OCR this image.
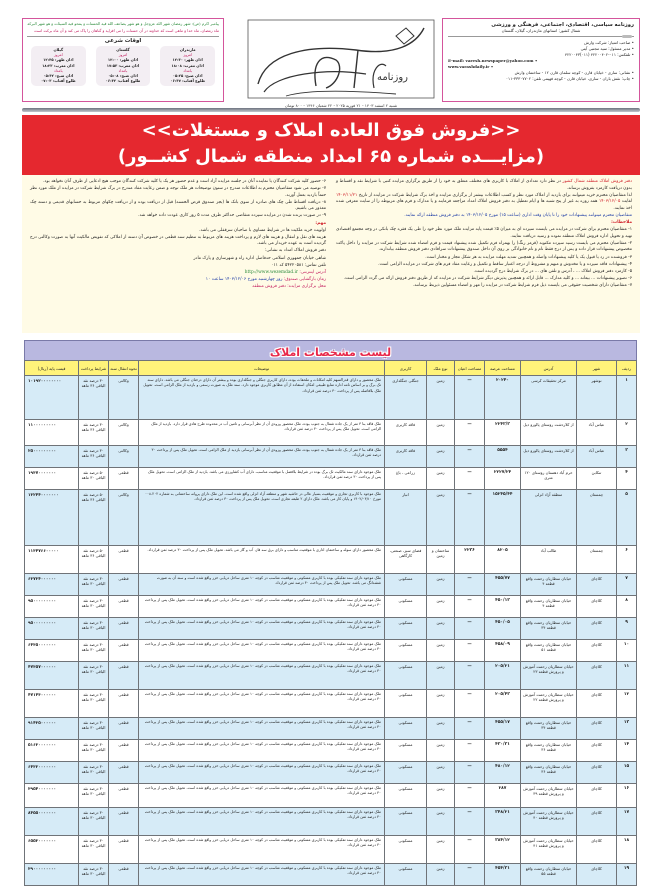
روزنامه سیاسی، اقتصادی، اجتماعی، فرهنگی و ورزشی
شمال کشور: استانهای مازندران، گیلان، گلستان
• صاحب امتیاز: شرکت وارش
• مدیر مسئول: سید مجتبی آیتی
• تلفکس: ۰۱۱-۴۲۲۰۰۴۰۲ (۰۱۱)۴۲۲۰۰۴۳
E-mail: varesh.newspaper@yahoo.com •
www.varashdaily.ir •
• نشانی: ساری - خیابان قارن - کوچه سلمان قارن ۱۲ - ساختمان وارش
• چاپ: نقش باران - ساری، خیابان قارن - کوچه فهیمی تلفن: ۳۳۳۰۷۷۰۲-۰۱۱
روزنامه
شنبه ۲ اسفند ۱۴۰۳ - ۲۱ فوریه ۲۰۲۵ - ۲۲ شعبان ۱۴۴۶ - ۸۰۰ تومان
پیامبر اکرم (ص): شهر رمضان شهر الله عزوجل و هو شهر یضاعف الله فیه الحسنات و یمحو فیه السیئات و هو شهر البرکه
ماه رمضان، ماه خدا و ماهی است که خداوند در آن حسنات را می افزاید و گناهان را پاک می کند و آن ماه برکت است
اوقات شرعی
مازندران
امروز
اذان ظهر: ۱۲:۳۰
اذان مغرب: ۱۸:۰۸
بامداد
اذان صبح: ۰۵:۲۵
طلوع آفتاب: ۰۶:۴۷
گلستان
امروز
اذان ظهر: ۱۲:۰۰
اذان مغرب: ۱۷:۵۳
بامداد
اذان صبح: ۰۵:۰۸
طلوع آفتاب: ۰۶:۳۲
گیلان
امروز
اذان ظهر: ۱۲:۴۵
اذان مغرب: ۱۸:۲۳
بامداد
اذان صبح: ۰۵:۴۲
طلوع آفتاب: ۰۷:۰۳
<<فروش فوق العاده املاک و مستغلات>>
(مزایـــده شماره ۶۵ امداد منطقه شمال کشــور)

دفتر فروش املاک منطقه شمال کشور در نظر دارد تعدادی از املاک با کاربری های مختلف متعلق به خود را از طریق برگزاری مزایده کتبی با شرایط نقد و اقساط و بدون دریافت کارمزد بفروش برساند.

لذا متقاضیان محترم خرید میتوانند برای بازدید از املاک مورد نظر و کسب اطلاعات بیشتر از برگزاری مزایده و اخذ برگ شرایط شرکت در مزایده از تاریخ ۱۴۰۳/۱۱/۲۱ لغایت ۱۴۰۳/۱۲/۰۵ همه روزه به غیر از پنج شنبه ها و ایام تعطیل به دفتر فروش املاک امداد مراجعه فرمایند و یا مدارک و فرم های مربوطه را از سایت معرفی شده اخذ نمایند.

متقاضیان محترم میتوانند پیشنهادات خود را تا پایان وقت اداری (ساعت ۱۵) مورخ ۱۴۰۳/۱۲/۰۵ به دفتر فروش منطقه ارائه نمایند.

ملاحظات:

۱- متقاضیان محترم برای شرکت در مزایده می بایست سپرده ای به میزان ۵٪ قیمت پایه مزایده ملک مورد نظر خود را طی یک فقره چک بانکی در وجه مجتمع اقتصادی تهیه و تحویل اداره فروش املاک منطقه نموده و رسید دریافت نمایند.

۲- متقاضیان محترم می بایست رسید سپرده مکتوبه (قرمز رنگ) را بهمراه فرم تکمیل شده پیشنهاد قیمت و فرم امضاء شده شرایط شرکت در مزایده را داخل پاکت مخصوص پیشنهادات قرار داده و پس از درج فقط نام و نام خانوادگی بر روی آن داخل صندوق پیشنهادات سرافادی دفتر فروش منطقه بیاندازند.

۳- فروشنده در رد یا قبول یک یا کلیه پیشنهادات واصله و همچنین تمدید مهلت مزایده به هر شکل مجاز و مختار است.

۴- پیشنهادات فاقد سپرده و یا مخدوش و مبهم و مشروط از درجه اعتبار ساقط و تکمیل و رعایت مفاد فرم های شرکت در مزایده الزامی است.

۵- کارمزد دفتر فروش املاک ... ، آدرس و تلفن های ... در برگ شرایط درج گردیده است.

۶- تصویر پیشنهادات ... بیعانه ... و کلیه مدارک ... قابل ارائه و همچنین پذیرش دیگر شرایط شرکت در مزایده که از طریق دفتر فروش ارائه می گردد الزامی است.

۷- متقاضیان دارای شخصیت حقوقی می بایست ذیل فرم شرایط شرکت در مزایده را مهر و امضاء مسئولین ذیربط برسانند.

۶- حضور کلیه شرکت کنندگان یا نماینده آنان در جلسه مزایده آزاد است و عدم حضور هر یک یا کلیه شرکت کنندگان موجب هیچ ادعایی از طرف آنان نخواهد بود.

۷- توصیه می شود متقاضیان محترم به اطلاعات مندرج در ستون توضیحات هر ملک توجه و ضمن رعایت مفاد مندرج در برگ شرایط شرکت در مزایده از ملک مورد نظر حتماً بازدید بعمل آورند.

۸- دریافت اقساط طی چک های صادره از سوی بانک ها (بجز صندوق قرض الحسنه) قبل از دریافت بوده و از دریافت چکهای مربوط به حسابهای قدیمی و دسته چک معذور می باشیم.

۹- در صورت برنده شدن در مزایده سپرده متقاضی حداکثر ظرف مدت ۵ روز کاری عودت داده خواهد شد.

مهم:

اولویت خرید ملکیت ها در شرایط مساوی با صاحبان سرقفلی می باشد.

هزینه های نقل و انتقال و هزینه های لازم و پرداخت هزینه های مربوط به تنظیم سند قطعی در خصوص آن دسته از املاکی که تفویض مالکیت آنها به صورت وکالتی درج گردیده است به عهده خریدار می باشد.

دفتر فروش املاک امداد به نشانی:

شاهی خیابان جمهوری اسلامی حدفاصل اداره راه و شهرسازی و پارک مادر

تلفن تماس: ۵۴۲۲۰۵۸۱ کد ۰۱۱

آدرس اینترنتی: http://www.wezemdad.ir

زمان بازگشایی صندوق: روز چهارشنبه مورخ ۱۴۰۳/۱۲/۰۶ ساعت ۱۰

محل برگزاری مزایده: دفتر فروش منطقه

لیست مشخصات املاک
ردیف	شهر	آدرس	مساحت عرصه	مساحت اعیان	نوع ملک	کاربری	توضیحات	نحوه انتقال سند	شرایط پرداخت	قیمت پایه (ریال)
۱	نوشهر	مرکز تحقیقات کرسی	۲۰۲۴۰	—	زمین	جنگلی جنگلداری	ملک محصور و دارای قدرالسهم کلیه امکانات و ملحقات بوده، دارای کاربری جنگلی و جنگلداری بوده و بیشتر آن دارای درختان جنگلی می باشد. دارای سند تک برگ و بر اساس نامه اداره منابع طبیعی امکان استفاده از آن مطابق کاربری موجود دارد. سند ملک به صورت رسمی و بازدید از ملک الزامی است. تحویل ملک بلافاصله پس از پرداخت ۳۰ درصد ثمن قرارداد.	وکالتی	۳۰ درصد نقد الباقی ۳۶ ماهه	۱۰۱۹۲۰۰۰۰۰۰۰۰
۲	عباس آباد	از کلاردشت روستای پالورو دیل	۲۲۴۳/۳	—	زمین	فاقد کاربری	ملک فاقد بنا ۳ متر از یک جاده شمال به جنوب بوده، ملک محصور ورودی آن از نظر آبرسانی و تامین آب در محدوده طرح هادی قرار دارد. بازدید از ملک الزامی است. تحویل ملک پس از پرداخت ۳۰ درصد ثمن قرارداد.	وکالتی	۳۰ درصد نقد الباقی ۳۶ ماهه	۱۱۰۰۰۰۰۰۰۰۰
۳	عباس آباد	از کلاردشت روستای پالورو دیل	۵۵۵۴	—	زمین	فاقد کاربری	ملک فاقد بنا ۳ متر از یک جاده شمال به جنوب بوده، ملک محصور ورودی آن از نظر آبرسانی بازدید از ملک الزامی است. تحویل ملک پس از پرداخت ۳۰ درصد ثمن قرارداد.	وکالتی	۳۰ درصد نقد الباقی ۳۶ ماهه	۲۵۰۰۰۰۰۰۰۰۰
۴	تنکابن	خرم آباد دهستان روستای ۱۲۰ متری	۲۲۲۷/۲۴	—	زمین	زراعی - باغ	ملک موجود دارای سند مالکیت تک برگ بوده در شرایط بلافصل با موقعیت مناسب، دارای آب کشاورزی می باشد. بازدید از ملک الزامی است. تحویل ملک پس از پرداخت ۳۰ درصد ثمن قرارداد.	قطعی	۵۰ درصد نقد الباقی ۳۰ ماهه	۱۹۳۷۰۰۰۰۰۰۰
۵	چمستان	منطقه آزاد انزلی	۱۵۲۴۵/۴۴	—	زمین	انبار	ملک موجود با کاربری تجاری و موقعیت بسیار عالی در حاشیه شهر و منطقه آزاد انزلی واقع شده است. این ملک دارای پروانه ساختمانی به شماره ۲۰۲-۰۰۸ مورخ ۱۴۰۲/۰۳/۱۰ و پایان کار می باشد. ملک دارای ۲ طبقه تجاری است. تحویل ملک پس از پرداخت ۳۰ درصد ثمن قرارداد.	وکالتی	۵۰ درصد نقد الباقی ۳۶ ماهه	۱۳۲۴۴۰۰۰۰۰۰۰
۶	چمستان	طالب آباد	۸۲۰۵	۲۲۳۶	ساختمان و زمین	فضای سبز، صنعتی، کارگاهی	ملک محصور دارای سوله و ساختمان اداری با موقعیت مناسب و دارای برق سه فاز، آب و گاز می باشد. تحویل ملک پس از پرداخت ۳۰ درصد ثمن قرارداد.	قطعی	۵۰ درصد نقد الباقی ۳۶ ماهه	۱۱۳۴۷۶۶۰۰۰۰۰
۷	کلاچای	خیابان سطاریان رحمت واقع قطعه ۴	۴۵۵/۷۷	—	زمین	مسکونی	ملک موجود دارای سند تفکیکی بوده با کاربری مسکونی و موقعیت مناسب در کوچه ۱۰ متری ساحل دریایی خزر واقع شده است و سند آن به صورت ششدانگ می باشد. تحویل ملک پس از پرداخت ۳۰ درصد ثمن قرارداد.	قطعی	۳۰ درصد نقد الباقی ۳۰ ماهه	۶۳۷۳۴۰۰۰۰۰۰
۸	کلاچای	خیابان سطاریان رحمت واقع قطعه ۴	۴۵۰/۱۳	—	زمین	مسکونی	ملک موجود دارای سند تفکیکی بوده با کاربری مسکونی و موقعیت مناسب در کوچه ۱۰ متری ساحل دریایی خزر واقع شده است. تحویل ملک پس از پرداخت ۳۰ درصد ثمن قرارداد.	قطعی	۳۰ درصد نقد الباقی ۳۰ ماهه	۹۵۰۰۰۰۰۰۰۰۰
۹	کلاچای	خیابان سطاریان رحمت واقع قطعه ۳۴	۴۵۰/۰۵	—	زمین	مسکونی	ملک موجود دارای سند تفکیکی بوده با کاربری مسکونی و موقعیت مناسب در کوچه ۱۰ متری ساحل دریایی خزر واقع شده است. تحویل ملک پس از پرداخت ۳۰ درصد ثمن قرارداد.	قطعی	۳۰ درصد نقد الباقی ۳۰ ماهه	۹۵۰۰۰۰۰۰۰۰۰
۱۰	کلاچای	خیابان سطاریان رحمت واقع قطعه ۵۱	۴۵۸/۰۹	—	زمین	مسکونی	ملک موجود دارای سند تفکیکی بوده با کاربری مسکونی و موقعیت مناسب در کوچه ۱۰ متری ساحل دریایی خزر واقع شده است. تحویل ملک پس از پرداخت ۳۰ درصد ثمن قرارداد.	قطعی	۳۰ درصد نقد الباقی ۳۰ ماهه	۶۴۳۵۰۰۰۰۰۰۰
۱۱	کلاچای	خیابان سطاریان رحمت آموزش و پرورش قطعه ۲۳	۲۰۵/۲۱	—	زمین	مسکونی	ملک موجود دارای سند تفکیکی بوده با کاربری مسکونی و موقعیت مناسب در کوچه ۱۰ متری ساحل دریایی خزر واقع شده است. تحویل ملک پس از پرداخت ۳۰ درصد ثمن قرارداد.	قطعی	۳۰ درصد نقد الباقی ۳۰ ماهه	۴۷۳۵۷۰۰۰۰۰۰
۱۲	کلاچای	خیابان سطاریان رحمت آموزش و پرورش قطعه ۲۲	۲۰۵/۴۳	—	زمین	مسکونی	ملک موجود دارای سند تفکیکی بوده با کاربری مسکونی و موقعیت مناسب در کوچه ۱۰ متری ساحل دریایی خزر واقع شده است. تحویل ملک پس از پرداخت ۳۰ درصد ثمن قرارداد.	قطعی	۳۰ درصد نقد الباقی ۳۰ ماهه	۴۷۱۴۳۰۰۰۰۰۰
۱۳	کلاچای	خیابان سطاریان رحمت واقع قطعه ۳۴	۴۵۵/۱۷	—	زمین	مسکونی	ملک موجود دارای سند تفکیکی بوده با کاربری مسکونی و موقعیت مناسب در کوچه ۱۰ متری ساحل دریایی خزر واقع شده است. تحویل ملک پس از پرداخت ۳۰ درصد ثمن قرارداد.	قطعی	۳۰ درصد نقد الباقی ۳۰ ماهه	۹۱۴۳۵۰۰۰۰۰۰
۱۴	کلاچای	خیابان سطاریان رحمت واقع قطعه ۳۶	۴۳۰/۳۱	—	زمین	مسکونی	ملک موجود دارای سند تفکیکی بوده با کاربری مسکونی و موقعیت مناسب در کوچه ۱۰ متری ساحل دریایی خزر واقع شده است. تحویل ملک پس از پرداخت ۳۰ درصد ثمن قرارداد.	قطعی	۳۰ درصد نقد الباقی ۳۰ ماهه	۵۱۶۳۰۰۰۰۰۰۰
۱۵	کلاچای	خیابان سطاریان رحمت واقع قطعه ۳۶	۴۸۰/۱۲	—	زمین	مسکونی	ملک موجود دارای سند تفکیکی بوده با کاربری مسکونی و موقعیت مناسب در کوچه ۱۰ متری ساحل دریایی خزر واقع شده است. تحویل ملک پس از پرداخت ۳۰ درصد ثمن قرارداد.	قطعی	۳۰ درصد نقد الباقی ۳۰ ماهه	۶۴۳۲۰۰۰۰۰۰۰
۱۶	کلاچای	خیابان سطاریان رحمت آموزش و پرورش قطعه ۳۹	۲۸۷	—	زمین	مسکونی	ملک موجود دارای سند تفکیکی بوده با کاربری مسکونی و موقعیت مناسب در کوچه ۱۰ متری ساحل دریایی خزر واقع شده است. تحویل ملک پس از پرداخت ۳۰ درصد ثمن قرارداد.	قطعی	۳۰ درصد نقد الباقی ۳۰ ماهه	۳۹۵۴۰۰۰۰۰۰۰
۱۷	کلاچای	خیابان سطاریان رحمت آموزش و پرورش قطعه ۴۰	۳۴۸/۲۱	—	زمین	مسکونی	ملک موجود دارای سند تفکیکی بوده با کاربری مسکونی و موقعیت مناسب در کوچه ۱۰ متری ساحل دریایی خزر واقع شده است. تحویل ملک پس از پرداخت ۳۰ درصد ثمن قرارداد.	قطعی	۳۰ درصد نقد الباقی ۳۰ ماهه	۸۴۵۵۰۰۰۰۰۰۰
۱۸	کلاچای	خیابان سطاریان رحمت آموزش و پرورش قطعه ۴۱	۳۸۴/۱۲	—	زمین	مسکونی	ملک موجود دارای سند تفکیکی بوده با کاربری مسکونی و موقعیت مناسب در کوچه ۱۰ متری ساحل دریایی خزر واقع شده است. تحویل ملک پس از پرداخت ۳۰ درصد ثمن قرارداد.	قطعی	۳۰ درصد نقد الباقی ۳۰ ماهه	۶۵۵۳۰۰۰۰۰۰۰
۱۹	کلاچای	خیابان سطاریان رحمت واقع قطعه ۵۵	۴۵۴/۳۱	—	زمین	مسکونی	ملک موجود دارای سند تفکیکی بوده با کاربری مسکونی و موقعیت مناسب در کوچه ۱۰ متری ساحل دریایی خزر واقع شده است. تحویل ملک پس از پرداخت ۳۰ درصد ثمن قرارداد.	قطعی	۳۰ درصد نقد الباقی ۳۰ ماهه	۳۹۰۰۰۰۰۰۰۰۰
